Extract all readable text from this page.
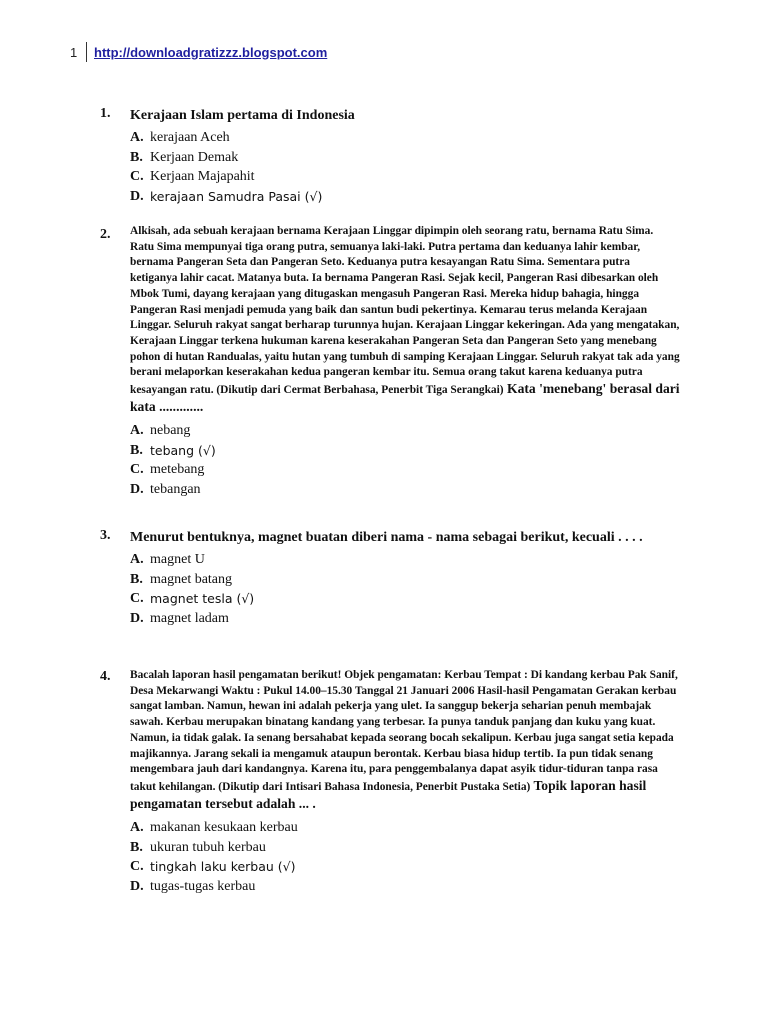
1	http://downloadgratizzz.blogspot.com
1. Kerajaan Islam pertama di Indonesia
A. kerajaan Aceh
B. Kerjaan Demak
C. Kerjaan Majapahit
D. kerajaan Samudra Pasai (√)
2. Alkisah, ada sebuah kerajaan bernama Kerajaan Linggar dipimpin oleh seorang ratu, bernama Ratu Sima. Ratu Sima mempunyai tiga orang putra, semuanya laki-laki. Putra pertama dan keduanya lahir kembar, bernama Pangeran Seta dan Pangeran Seto. Keduanya putra kesayangan Ratu Sima. Sementara putra ketiganya lahir cacat. Matanya buta. Ia bernama Pangeran Rasi. Sejak kecil, Pangeran Rasi dibesarkan oleh Mbok Tumi, dayang kerajaan yang ditugaskan mengasuh Pangeran Rasi. Mereka hidup bahagia, hingga Pangeran Rasi menjadi pemuda yang baik dan santun budi pekertinya. Kemarau terus melanda Kerajaan Linggar. Seluruh rakyat sangat berharap turunnya hujan. Kerajaan Linggar kekeringan. Ada yang mengatakan, Kerajaan Linggar terkena hukuman karena keserakahan Pangeran Seta dan Pangeran Seto yang menebang pohon di hutan Randualas, yaitu hutan yang tumbuh di samping Kerajaan Linggar. Seluruh rakyat tak ada yang berani melaporkan keserakahan kedua pangeran kembar itu. Semua orang takut karena keduanya putra kesayangan ratu. (Dikutip dari Cermat Berbahasa, Penerbit Tiga Serangkai) Kata 'menebang' berasal dari kata .............
A. nebang
B. tebang (√)
C. metebang
D. tebangan
3. Menurut bentuknya, magnet buatan diberi nama - nama sebagai berikut, kecuali . . . .
A. magnet U
B. magnet batang
C. magnet tesla (√)
D. magnet ladam
4. Bacalah laporan hasil pengamatan berikut! Objek pengamatan: Kerbau Tempat : Di kandang kerbau Pak Sanif, Desa Mekarwangi Waktu : Pukul 14.00–15.30 Tanggal 21 Januari 2006 Hasil-hasil Pengamatan Gerakan kerbau sangat lamban. Namun, hewan ini adalah pekerja yang ulet. Ia sanggup bekerja seharian penuh membajak sawah. Kerbau merupakan binatang kandang yang terbesar. Ia punya tanduk panjang dan kuku yang kuat. Namun, ia tidak galak. Ia senang bersahabat kepada seorang bocah sekalipun. Kerbau juga sangat setia kepada majikannya. Jarang sekali ia mengamuk ataupun berontak. Kerbau biasa hidup tertib. Ia pun tidak senang mengembara jauh dari kandangnya. Karena itu, para penggembalanya dapat asyik tidur-tiduran tanpa rasa takut kehilangan. (Dikutip dari Intisari Bahasa Indonesia, Penerbit Pustaka Setia) Topik laporan hasil pengamatan tersebut adalah ... .
A. makanan kesukaan kerbau
B. ukuran tubuh kerbau
C. tingkah laku kerbau (√)
D. tugas-tugas kerbau
